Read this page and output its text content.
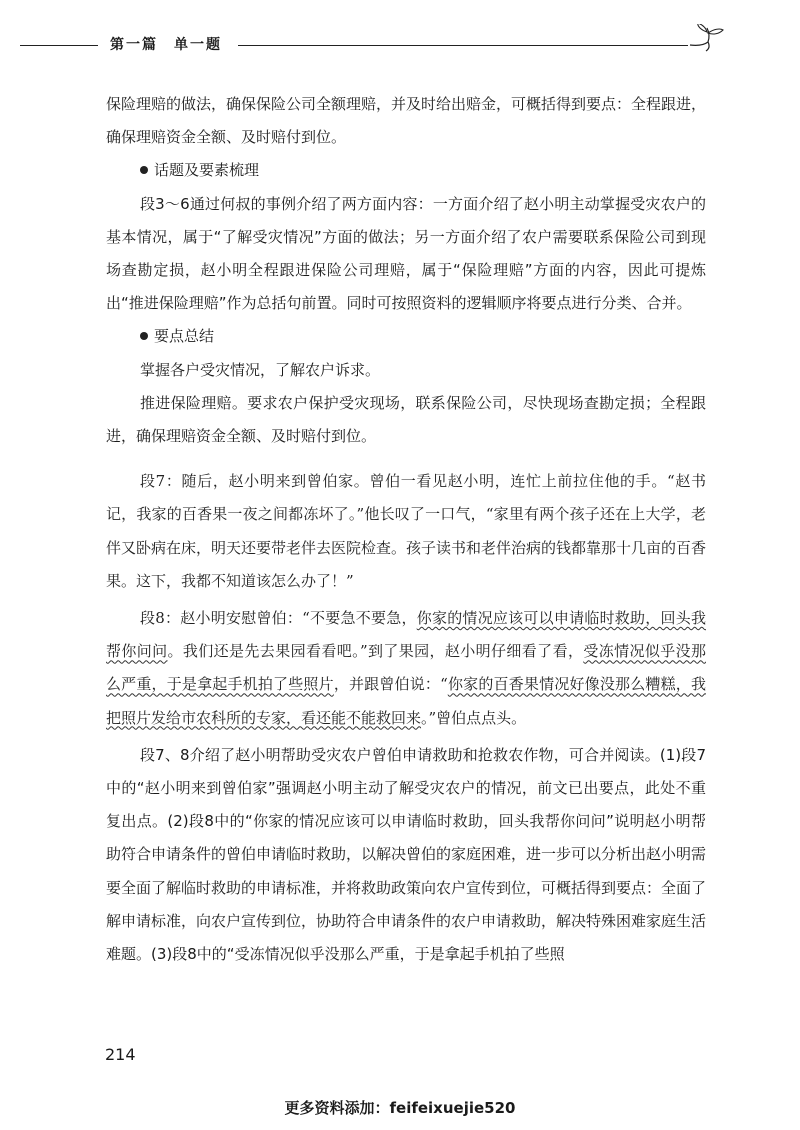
第一篇　单一题

保险理赔的做法，确保保险公司全额理赔，并及时给出赔金，可概括得到要点：全程跟进，确保理赔资金全额、及时赔付到位。

话题及要素梳理

段3～6通过何叔的事例介绍了两方面内容：一方面介绍了赵小明主动掌握受灾农户的基本情况，属于“了解受灾情况”方面的做法；另一方面介绍了农户需要联系保险公司到现场查勘定损，赵小明全程跟进保险公司理赔，属于“保险理赔”方面的内容，因此可提炼出“推进保险理赔”作为总括句前置。同时可按照资料的逻辑顺序将要点进行分类、合并。

要点总结

掌握各户受灾情况，了解农户诉求。

推进保险理赔。要求农户保护受灾现场，联系保险公司，尽快现场查勘定损；全程跟进，确保理赔资金全额、及时赔付到位。

段7：随后，赵小明来到曾伯家。曾伯一看见赵小明，连忙上前拉住他的手。“赵书记，我家的百香果一夜之间都冻坏了。”他长叹了一口气，“家里有两个孩子还在上大学，老伴又卧病在床，明天还要带老伴去医院检查。孩子读书和老伴治病的钱都靠那十几亩的百香果。这下，我都不知道该怎么办了！”

段8：赵小明安慰曾伯：“不要急不要急，你家的情况应该可以申请临时救助，回头我帮你问问。我们还是先去果园看看吧。”到了果园，赵小明仔细看了看，受冻情况似乎没那么严重，于是拿起手机拍了些照片，并跟曾伯说：“你家的百香果情况好像没那么糟糕，我把照片发给市农科所的专家，看还能不能救回来。”曾伯点点头。

段7、8介绍了赵小明帮助受灾农户曾伯申请救助和抢救农作物，可合并阅读。(1)段7中的“赵小明来到曾伯家”强调赵小明主动了解受灾农户的情况，前文已出要点，此处不重复出点。(2)段8中的“你家的情况应该可以申请临时救助，回头我帮你问问”说明赵小明帮助符合申请条件的曾伯申请临时救助，以解决曾伯的家庭困难，进一步可以分析出赵小明需要全面了解临时救助的申请标准，并将救助政策向农户宣传到位，可概括得到要点：全面了解申请标准，向农户宣传到位，协助符合申请条件的农户申请救助，解决特殊困难家庭生活难题。(3)段8中的“受冻情况似乎没那么严重，于是拿起手机拍了些照

214
更多资料添加：feifeixuejie520
